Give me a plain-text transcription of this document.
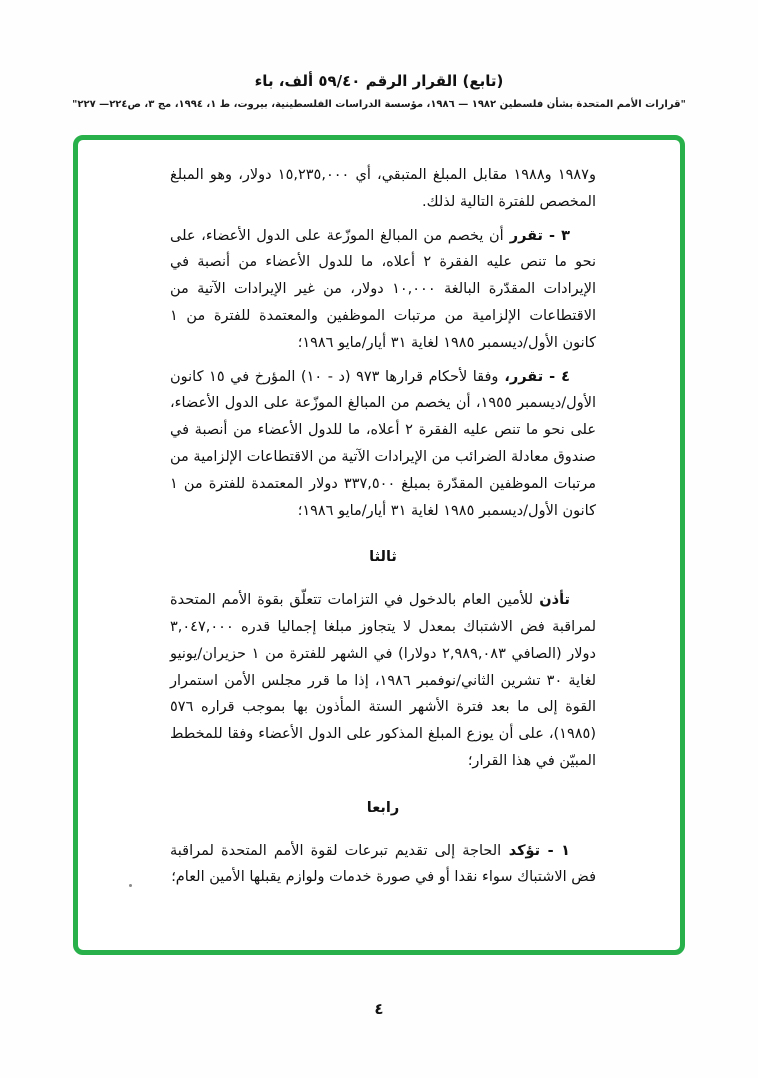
(تابع) القرار الرقم ٥٩/٤٠ ألف، باء
"قرارات الأمم المتحدة بشأن فلسطين ١٩٨٢ — ١٩٨٦، مؤسسة الدراسات الفلسطينية، بيروت، ط ١، ١٩٩٤، مج ٣، ص٢٢٤— ٢٢٧"
و١٩٨٧ و١٩٨٨ مقابل المبلغ المتبقي، أي ١٥,٢٣٥,٠٠٠ دولار، وهو المبلغ المخصص للفترة التالية لذلك.
٣ - تقرر أن يخصم من المبالغ الموزّعة على الدول الأعضاء، على نحو ما تنص عليه الفقرة ٢ أعلاه، ما للدول الأعضاء من أنصبة في الإيرادات المقدّرة البالغة ١٠,٠٠٠ دولار، من غير الإيرادات الآتية من الاقتطاعات الإلزامية من مرتبات الموظفين والمعتمدة للفترة من ١ كانون الأول/ديسمبر ١٩٨٥ لغاية ٣١ أيار/مايو ١٩٨٦؛
٤ - تقرر، وفقا لأحكام قرارها ٩٧٣ (د - ١٠) المؤرخ في ١٥ كانون الأول/ديسمبر ١٩٥٥، أن يخصم من المبالغ الموزّعة على الدول الأعضاء، على نحو ما تنص عليه الفقرة ٢ أعلاه، ما للدول الأعضاء من أنصبة في صندوق معادلة الضرائب من الإيرادات الآتية من الاقتطاعات الإلزامية من مرتبات الموظفين المقدّرة بمبلغ ٣٣٧,٥٠٠ دولار المعتمدة للفترة من ١ كانون الأول/ديسمبر ١٩٨٥ لغاية ٣١ أيار/مايو ١٩٨٦؛
ثالثا
تأذن للأمين العام بالدخول في التزامات تتعلّق بقوة الأمم المتحدة لمراقبة فض الاشتباك بمعدل لا يتجاوز مبلغا إجماليا قدره ٣,٠٤٧,٠٠٠ دولار (الصافي ٢,٩٨٩,٠٨٣ دولارا) في الشهر للفترة من ١ حزيران/يونيو لغاية ٣٠ تشرين الثاني/نوفمبر ١٩٨٦، إذا ما قرر مجلس الأمن استمرار القوة إلى ما بعد فترة الأشهر الستة المأذون بها بموجب قراره ٥٧٦ (١٩٨٥)، على أن يوزع المبلغ المذكور على الدول الأعضاء وفقا للمخطط المبيّن في هذا القرار؛
رابعا
١ - تؤكد الحاجة إلى تقديم تبرعات لقوة الأمم المتحدة لمراقبة فض الاشتباك سواء نقدا أو في صورة خدمات ولوازم يقبلها الأمين العام؛
٤
